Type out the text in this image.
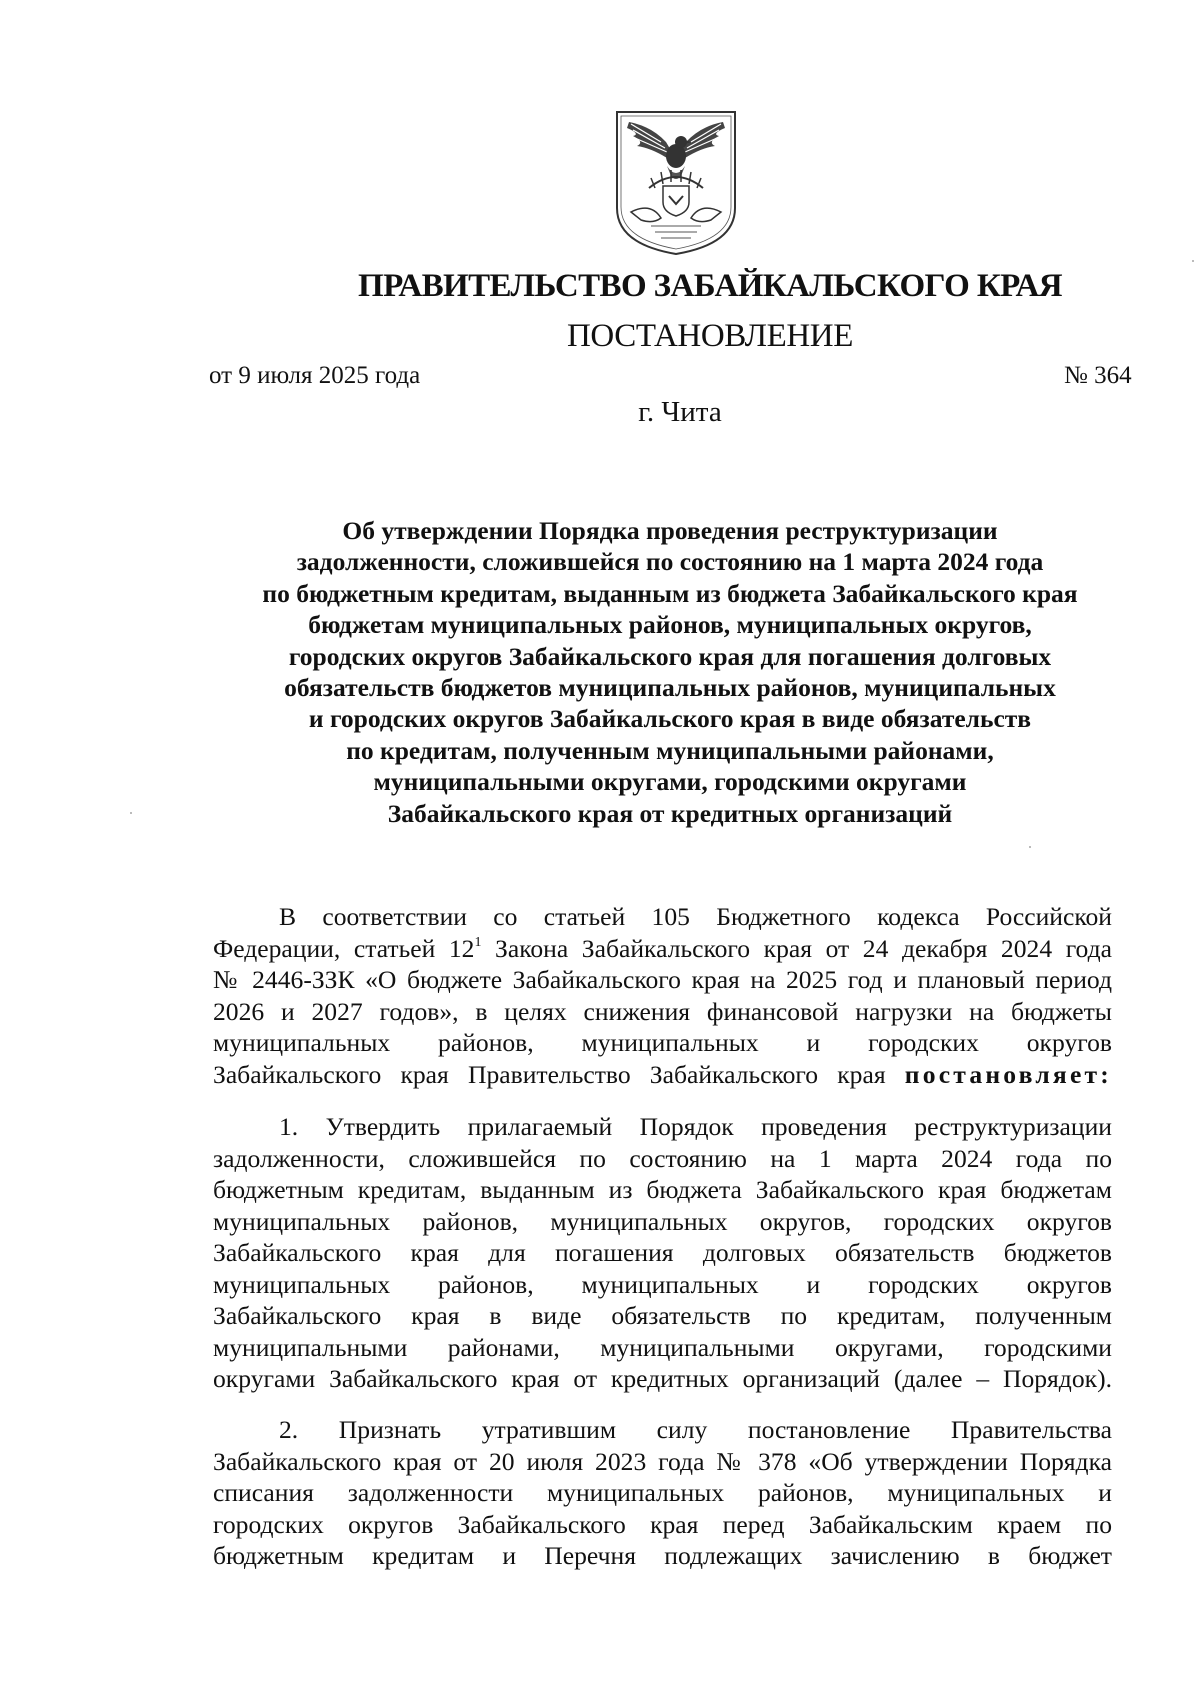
ПРАВИТЕЛЬСТВО ЗАБАЙКАЛЬСКОГО КРАЯ
ПОСТАНОВЛЕНИЕ
от 9 июля 2025 года	№ 364
г. Чита
Об утверждении Порядка проведения реструктуризации
задолженности, сложившейся по состоянию на 1 марта 2024 года
по бюджетным кредитам, выданным из бюджета Забайкальского края
бюджетам муниципальных районов, муниципальных округов,
городских округов Забайкальского края для погашения долговых
обязательств бюджетов муниципальных районов, муниципальных
и городских округов Забайкальского края в виде обязательств
по кредитам, полученным муниципальными районами,
муниципальными округами, городскими округами
Забайкальского края от кредитных организаций
В соответствии со статьей 105 Бюджетного кодекса Российской
Федерации, статьей $12^1$ Закона Забайкальского края от 24 декабря 2024 года
№ 2446-ЗЗК «О бюджете Забайкальского края на 2025 год и плановый период
2026 и 2027 годов», в целях снижения финансовой нагрузки на бюджеты
муниципальных районов, муниципальных и городских округов
Забайкальского края Правительство Забайкальского края постановляет:
1. Утвердить прилагаемый Порядок проведения реструктуризации
задолженности, сложившейся по состоянию на 1 марта 2024 года по
бюджетным кредитам, выданным из бюджета Забайкальского края бюджетам
муниципальных районов, муниципальных округов, городских округов
Забайкальского края для погашения долговых обязательств бюджетов
муниципальных районов, муниципальных и городских округов
Забайкальского края в виде обязательств по кредитам, полученным
муниципальными районами, муниципальными округами, городскими
округами Забайкальского края от кредитных организаций (далее – Порядок).
2. Признать утратившим силу постановление Правительства
Забайкальского края от 20 июля 2023 года № 378 «Об утверждении Порядка
списания задолженности муниципальных районов, муниципальных и
городских округов Забайкальского края перед Забайкальским краем по
бюджетным кредитам и Перечня подлежащих зачислению в бюджет
